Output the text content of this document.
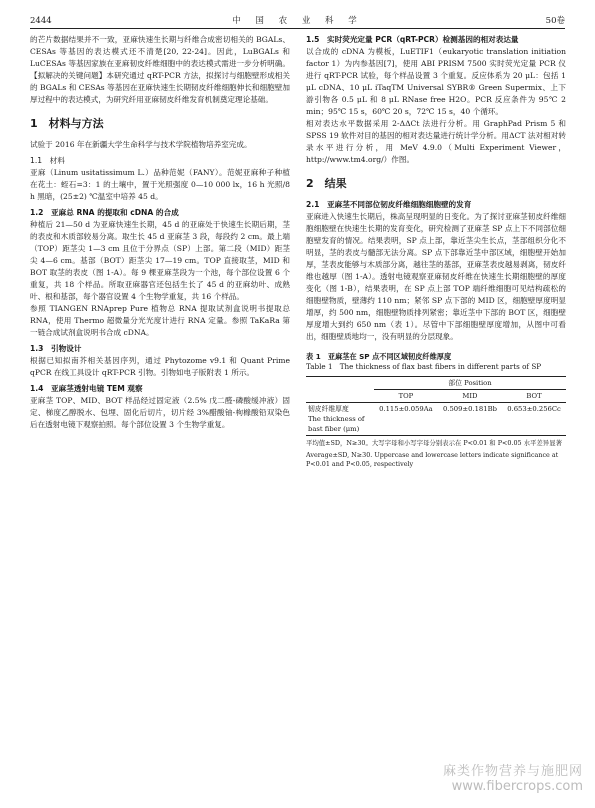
2444	中 国 农 业 科 学	50卷

的芒片数据结果并不一致，亚麻快速生长期与纤维合成密切相关的 BGALs、CESAs 等基因的表达模式还不清楚[20, 22-24]。因此，LuBGALs 和 LuCESAs 等基因家族在亚麻韧皮纤维细胞中的表达模式需进一步分析明确。【拟解决的关键问题】本研究通过 qRT-PCR 方法，拟探讨与细胞壁形成相关的 BGALs 和 CESAs 等基因在亚麻快速生长期韧皮纤维细胞伸长和细胞壁加厚过程中的表达模式，为研究纤用亚麻韧皮纤维发育机制奠定理论基础。

1　材料与方法

试验于 2016 年在新疆大学生命科学与技术学院植物培养室完成。

1.1　材料

亚麻（Linum usitatissimum L.）品种范妮（FANY）。范妮亚麻种子种植在花土：蛭石=3：1 的土壤中，置于光照强度 0—10 000 lx，16 h 光照/8 h 黑暗，(25±2) ℃温室中培养 45 d。

1.2　亚麻总 RNA 的提取和 cDNA 的合成

种植后 21—50 d 为亚麻快速生长期，45 d 的亚麻处于快速生长期后期，茎的表皮和木质部较易分离。取生长 45 d 亚麻茎 3 段，每段约 2 cm。最上端（TOP）距茎尖 1—3 cm 且位于分界点（SP）上部。第二段（MID）距茎尖 4—6 cm。基部（BOT）距茎尖 17—19 cm。TOP 直接取茎，MID 和 BOT 取茎的表皮（图 1-A）。每 9 棵亚麻茎段为一个池，每个部位设置 6 个重复，共 18 个样品。所取亚麻器官还包括生长了 45 d 的亚麻幼叶、成熟叶、根和基部，每个器官设置 4 个生物学重复，共 16 个样品。

参照 TIANGEN RNAprep Pure 植物总 RNA 提取试剂盒说明书提取总 RNA，使用 Thermo 超微量分光光度计进行 RNA 定量。参照 TaKaRa 第一链合成试剂盒说明书合成 cDNA。

1.3　引物设计

根据已知拟南芥相关基因序列，通过 Phytozome v9.1 和 Quant Prime qPCR 在线工具设计 qRT-PCR 引物。引物如电子版附表 1 所示。

1.4　亚麻茎透射电镜 TEM 观察

亚麻茎 TOP、MID、BOT 样品经过固定液（2.5% 戊二醛-磷酸缓冲液）固定、梯度乙醇脱水、包埋、固化后切片，切片经 3%醋酸铀-枸橼酸铅双染色后在透射电镜下观察拍照。每个部位设置 3 个生物学重复。

1.5　实时荧光定量 PCR（qRT-PCR）检测基因的相对表达量

以合成的 cDNA 为模板，LuETIF1（eukaryotic translation initiation factor 1）为内参基因[7]，使用 ABI PRISM 7500 实时荧光定量 PCR 仪进行 qRT-PCR 试验，每个样品设置 3 个重复。反应体系为 20 μL：包括 1 μL cDNA、10 μL iTaqTM Universal SYBR® Green Supermix、上下游引物各 0.5 μL 和 8 μL RNase free H2O。PCR 反应条件为 95℃ 2 min；95℃ 15 s，60℃ 20 s，72℃ 15 s，40 个循环。

相对表达水平数据采用 2-ΔΔCt 法进行分析。用 GraphPad Prism 5 和 SPSS 19 软件对目的基因的相对表达量进行统计学分析。用ΔCT 法对相对转录水平进行分析，用 MeV 4.9.0（Multi Experiment Viewer，http://www.tm4.org/）作图。

2　结果
2.1　亚麻茎不同部位韧皮纤维细胞细胞壁的发育

亚麻进入快速生长期后，株高呈现明显的日变化。为了探讨亚麻茎韧皮纤维细胞细胞壁在快速生长期的发育变化，研究检测了亚麻茎 SP 点上下不同部位细胞壁发育的情况。结果表明，SP 点上部，靠近茎尖生长点，茎部组织分化不明显，茎的表皮与髓部无法分离。SP 点下部靠近茎中部区域，细胞壁开始加厚，茎表皮能够与木质部分离，越往茎的基部，亚麻茎表皮越易剥离，韧皮纤维也越厚（图 1-A）。透射电镜观察亚麻韧皮纤维在快速生长期细胞壁的厚度变化（图 1-B），结果表明，在 SP 点上部 TOP 端纤维细胞可见结构疏松的细胞壁物质，壁薄约 110 nm；紧邻 SP 点下部的 MID 区，细胞壁厚度明显增厚，约 500 nm，细胞壁物质排列紧密；靠近茎中下部的 BOT 区，细胞壁厚度增大到约 650 nm（表 1）。尽管中下部细胞壁厚度增加，从图中可看出，细胞壁质地均一，没有明显的分层现象。

表 1　亚麻茎在 SP 点不同区域韧皮纤维厚度
Table 1　The thickness of flax bast fibers in different parts of SP
	部位 Position		
	TOP	MID	BOT

韧皮纤维厚度
The thickness of bast fiber (μm)	0.115±0.059Aa	0.509±0.181Bb	0.653±0.256Cc

平均值±SD，N≥30。大写字母和小写字母分别表示在 P<0.01 和 P<0.05 水平差异显著

Average±SD, N≥30. Uppercase and lowercase letters indicate significance at P<0.01 and P<0.05, respectively

麻类作物营养与施肥网
www.fibercrops.com
